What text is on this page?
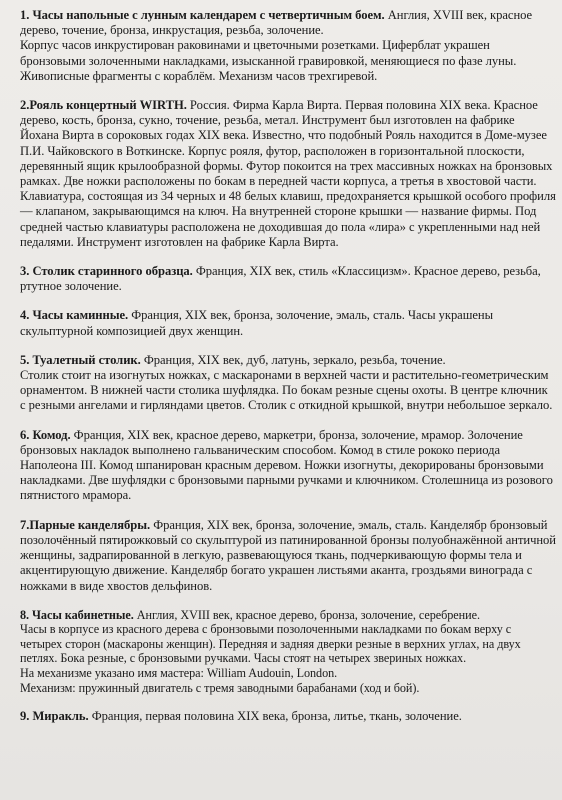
1. Часы напольные с лунным календарем с четвертичным боем. Англия, XVIII век, красное дерево, точение, бронза, инкрустация, резьба, золочение.

Корпус часов инкрустирован раковинами и цветочными розетками. Циферблат украшен бронзовыми золоченными накладками, изысканной гравировкой, меняющиеся по фазе луны. Живописные фрагменты с кораблём. Механизм часов трехгиревой.

2.Рояль концертный WIRTH. Россия. Фирма Карла Вирта. Первая половина XIX века. Красное дерево, кость, бронза, сукно, точение, резьба, метал. Инструмент был изготовлен на фабрике Йохана Вирта в сороковых годах XIX века. Известно, что подобный Рояль находится в Доме-музее П.И. Чайковского в Воткинске. Корпус рояля, футор, расположен в горизонтальной плоскости, деревянный ящик крылообразной формы. Футор покоится на трех массивных ножках на бронзовых рамках. Две ножки расположены по бокам в передней части корпуса, а третья в хвостовой части. Клавиатура, состоящая из 34 черных и 48 белых клавиш, предохраняется крышкой особого профиля — клапаном, закрывающимся на ключ. На внутренней стороне крышки — название фирмы. Под средней частью клавиатуры расположена не доходившая до пола «лира» с укрепленными над ней педалями. Инструмент изготовлен на фабрике Карла Вирта.

3. Столик старинного образца. Франция, XIX век, стиль «Классицизм». Красное дерево, резьба, ртутное золочение.

4. Часы каминные. Франция, XIX век, бронза, золочение, эмаль, сталь. Часы украшены скульптурной композицией двух женщин.

5. Туалетный столик. Франция, XIX век, дуб, латунь, зеркало, резьба, точение.

Столик стоит на изогнутых ножках, с маскаронами в верхней части и растительно-геометрическим орнаментом. В нижней части столика шуфлядка. По бокам резные сцены охоты. В центре ключник с резными ангелами и гирляндами цветов. Столик с откидной крышкой, внутри небольшое зеркало.

6. Комод. Франция, XIX век, красное дерево, маркетри, бронза, золочение, мрамор. Золочение бронзовых накладок выполнено гальваническим способом. Комод в стиле рококо периода Наполеона III. Комод шпанирован красным деревом. Ножки изогнуты, декорированы бронзовыми накладками. Две шуфлядки с бронзовыми парными ручками и ключником. Столешница из розового пятнистого мрамора.

7.Парные канделябры. Франция, XIX век, бронза, золочение, эмаль, сталь. Канделябр бронзовый позолочённый пятирожковый со скульптурой из патинированной бронзы полуобнажённой античной женщины, задрапированной в легкую, развевающуюся ткань, подчеркивающую формы тела и акцентирующую движение. Канделябр богато украшен листьями аканта, гроздьями винограда с ножками в виде хвостов дельфинов.

8. Часы кабинетные. Англия, XVIII век, красное дерево, бронза, золочение, серебрение.

Часы в корпусе из красного дерева с бронзовыми позолоченными накладками по бокам верху с четырех сторон (маскароны женщин). Передняя и задняя дверки резные в верхних углах, на двух петлях. Бока резные, с бронзовыми ручками. Часы стоят на четырех звериных ножках.

На механизме указано имя мастера: William Audouin, London.

Механизм: пружинный двигатель с тремя заводными барабанами (ход и бой).

9. Миракль. Франция, первая половина XIX века, бронза, литье, ткань, золочение.
